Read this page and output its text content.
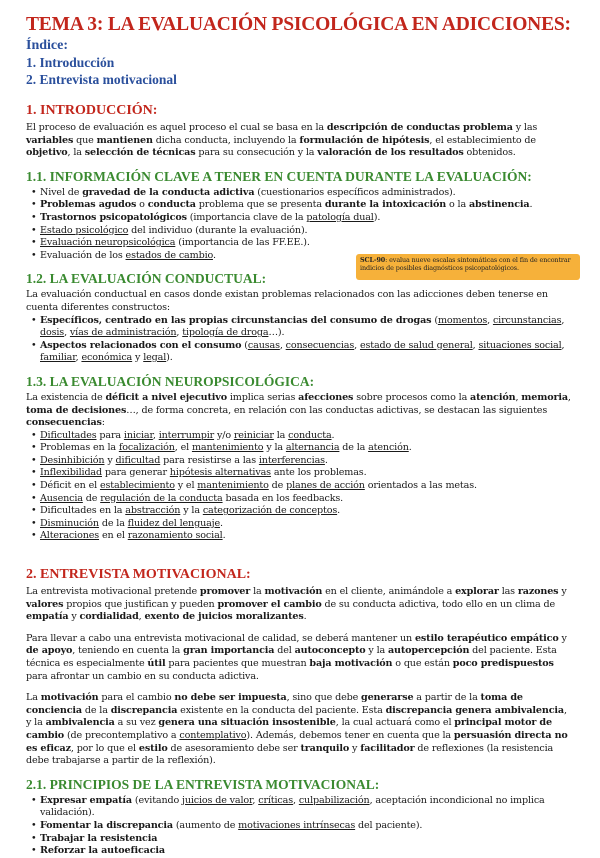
TEMA 3: LA EVALUACIÓN PSICOLÓGICA EN ADICCIONES:
Índice:
1. Introducción
2. Entrevista motivacional
1. INTRODUCCIÓN:

El proceso de evaluación es aquel proceso el cual se basa en la descripción de conductas problema y las variables que mantienen dicha conducta, incluyendo la formulación de hipótesis, el establecimiento de objetivo, la selección de técnicas para su consecución y la valoración de los resultados obtenidos.

1.1. INFORMACIÓN CLAVE A TENER EN CUENTA DURANTE LA EVALUACIÓN:
• Nivel de gravedad de la conducta adictiva (cuestionarios específicos administrados).
• Problemas agudos o conducta problema que se presenta durante la intoxicación o la abstinencia.
• Trastornos psicopatológicos (importancia clave de la patología dual).
• Estado psicológico del individuo (durante la evaluación).
• Evaluación neuropsicológica (importancia de las FF.EE.).
• Evaluación de los estados de cambio.
1.2. LA EVALUACIÓN CONDUCTUAL:

La evaluación conductual en casos donde existan problemas relacionados con las adicciones deben tenerse en cuenta diferentes constructos:

• Específicos, centrado en las propias circunstancias del consumo de drogas (momentos, circunstancias, dosis, vías de administración, tipología de droga…).
• Aspectos relacionados con el consumo (causas, consecuencias, estado de salud general, situaciones social, familiar, económica y legal).
1.3. LA EVALUACIÓN NEUROPSICOLÓGICA:

La existencia de déficit a nivel ejecutivo implica serias afecciones sobre procesos como la atención, memoria, toma de decisiones…, de forma concreta, en relación con las conductas adictivas, se destacan las siguientes consecuencias:

• Dificultades para iniciar, interrumpir y/o reiniciar la conducta.
• Problemas en la focalización, el mantenimiento y la alternancia de la atención.
• Desinhibición y dificultad para resistirse a las interferencias.
• Inflexibilidad para generar hipótesis alternativas ante los problemas.
• Déficit en el establecimiento y el mantenimiento de planes de acción orientados a las metas.
• Ausencia de regulación de la conducta basada en los feedbacks.
• Dificultades en la abstracción y la categorización de conceptos.
• Disminución de la fluidez del lenguaje.
• Alteraciones en el razonamiento social.
2. ENTREVISTA MOTIVACIONAL:

La entrevista motivacional pretende promover la motivación en el cliente, animándole a explorar las razones y valores propios que justifican y pueden promover el cambio de su conducta adictiva, todo ello en un clima de empatía y cordialidad, exento de juicios moralizantes.

Para llevar a cabo una entrevista motivacional de calidad, se deberá mantener un estilo terapéutico empático y de apoyo, teniendo en cuenta la gran importancia del autoconcepto y la autopercepción del paciente. Esta técnica es especialmente útil para pacientes que muestran baja motivación o que están poco predispuestos para afrontar un cambio en su conducta adictiva.

La motivación para el cambio no debe ser impuesta, sino que debe generarse a partir de la toma de conciencia de la discrepancia existente en la conducta del paciente. Esta discrepancia genera ambivalencia, y la ambivalencia a su vez genera una situación insostenible, la cual actuará como el principal motor de cambio (de precontemplativo a contemplativo). Además, debemos tener en cuenta que la persuasión directa no es eficaz, por lo que el estilo de asesoramiento debe ser tranquilo y facilitador de reflexiones (la resistencia debe trabajarse a partir de la reflexión).

2.1. PRINCIPIOS DE LA ENTREVISTA MOTIVACIONAL:
• Expresar empatía (evitando juicios de valor, críticas, culpabilización, aceptación incondicional no implica validación).
• Fomentar la discrepancia (aumento de motivaciones intrínsecas del paciente).
• Trabajar la resistencia
• Reforzar la autoeficacia
SCL-90: evalua nueve escalas sintomáticas con el fin de encontrar indicios de posibles diagnósticos psicopatológicos.
